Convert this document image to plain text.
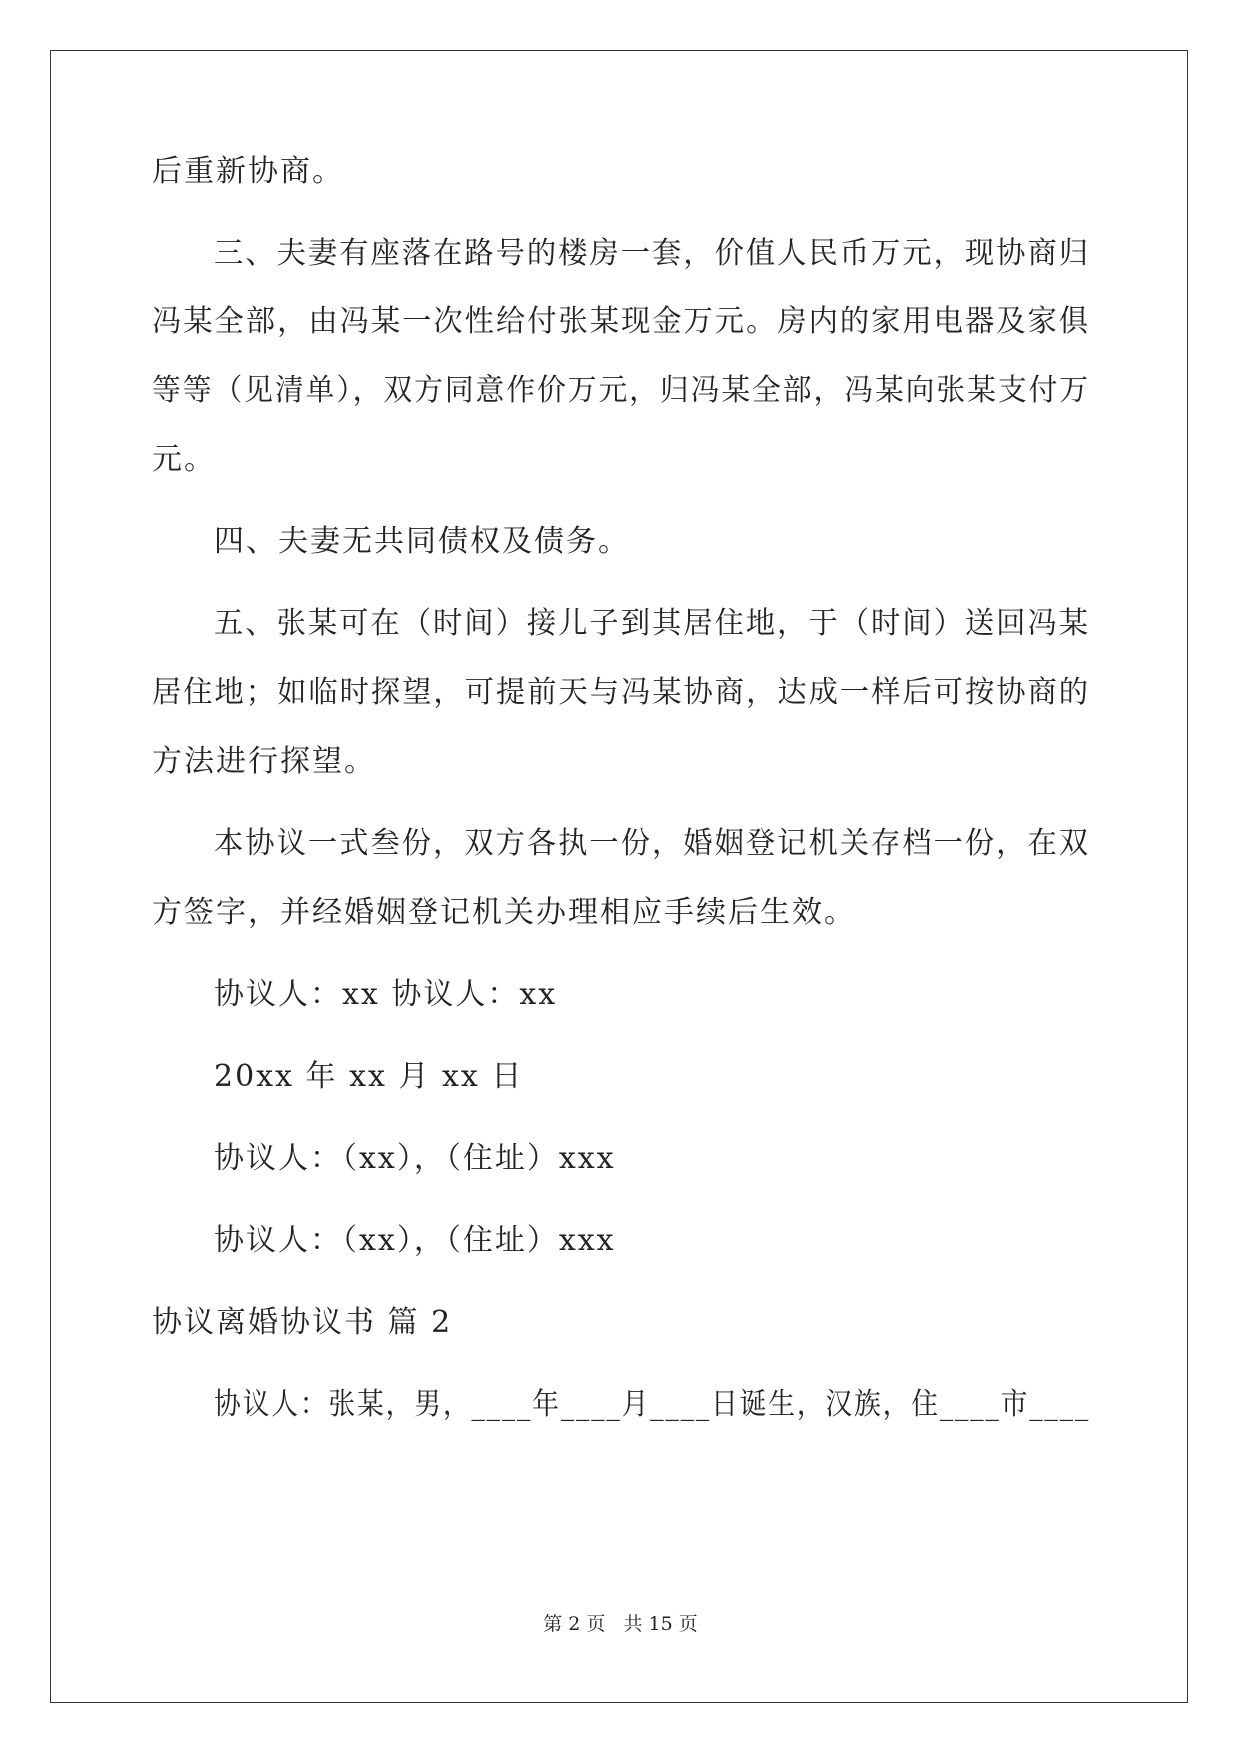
后重新协商。
三、夫妻有座落在路号的楼房一套，价值人民币万元，现协商归
冯某全部，由冯某一次性给付张某现金万元。房内的家用电器及家俱
等等（见清单），双方同意作价万元，归冯某全部，冯某向张某支付万
元。
四、夫妻无共同债权及债务。
五、张某可在（时间）接儿子到其居住地，于（时间）送回冯某
居住地；如临时探望，可提前天与冯某协商，达成一样后可按协商的
方法进行探望。
本协议一式叁份，双方各执一份，婚姻登记机关存档一份，在双
方签字，并经婚姻登记机关办理相应手续后生效。
协议人：xx 协议人：xx
20xx 年 xx 月 xx 日
协议人：（xx），（住址）xxx
协议人：（xx），（住址）xxx
协议离婚协议书 篇 2
协议人：张某，男，____年____月____日诞生，汉族，住____市____
第 2 页   共 15 页
